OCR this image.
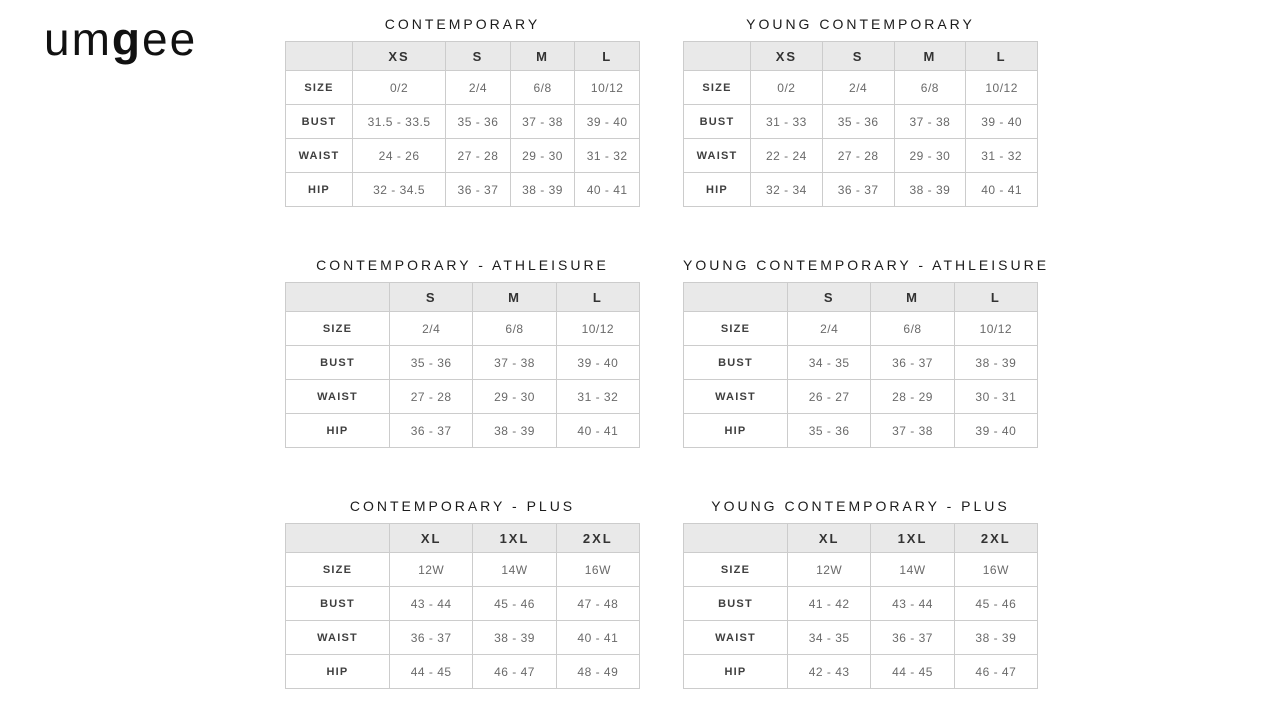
umgee	CONTEMPORARY
	XS	S	M	L
SIZE	0/2	2/4	6/8	10/12
BUST	31.5 - 33.5	35 - 36	37 - 38	39 - 40
WAIST	24 - 26	27 - 28	29 - 30	31 - 32
HIP	32 - 34.5	36 - 37	38 - 39	40 - 41
YOUNG CONTEMPORARY
	XS	S	M	L
SIZE	0/2	2/4	6/8	10/12
BUST	31 - 33	35 - 36	37 - 38	39 - 40
WAIST	22 - 24	27 - 28	29 - 30	31 - 32
HIP	32 - 34	36 - 37	38 - 39	40 - 41
CONTEMPORARY - ATHLEISURE
	S	M	L
SIZE	2/4	6/8	10/12
BUST	35 - 36	37 - 38	39 - 40
WAIST	27 - 28	29 - 30	31 - 32
HIP	36 - 37	38 - 39	40 - 41
YOUNG CONTEMPORARY - ATHLEISURE
	S	M	L
SIZE	2/4	6/8	10/12
BUST	34 - 35	36 - 37	38 - 39
WAIST	26 - 27	28 - 29	30 - 31
HIP	35 - 36	37 - 38	39 - 40
CONTEMPORARY - PLUS
	XL	1XL	2XL
SIZE	12W	14W	16W
BUST	43 - 44	45 - 46	47 - 48
WAIST	36 - 37	38 - 39	40 - 41
HIP	44 - 45	46 - 47	48 - 49
YOUNG CONTEMPORARY - PLUS
	XL	1XL	2XL
SIZE	12W	14W	16W
BUST	41 - 42	43 - 44	45 - 46
WAIST	34 - 35	36 - 37	38 - 39
HIP	42 - 43	44 - 45	46 - 47
